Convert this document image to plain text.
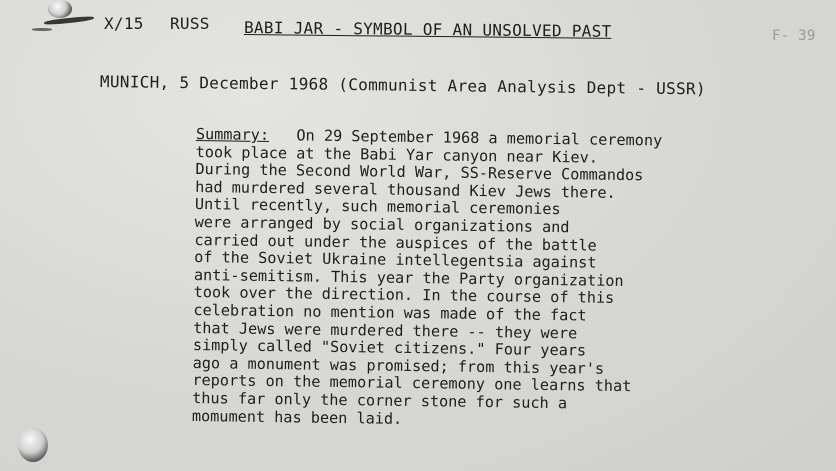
X/15 RUSS BABI JAR - SYMBOL OF AN UNSOLVED PAST	F- 39
MUNICH, 5 December 1968 (Communist Area Analysis Dept - USSR)
Summary: On 29 September 1968 a memorial ceremony
took place at the Babi Yar canyon near Kiev.
During the Second World War, SS-Reserve Commandos
had murdered several thousand Kiev Jews there.
Until recently, such memorial ceremonies
were arranged by social organizations and
carried out under the auspices of the battle
of the Soviet Ukraine intellegentsia against
anti-semitism. This year the Party organization
took over the direction. In the course of this
celebration no mention was made of the fact
that Jews were murdered there -- they were
simply called "Soviet citizens." Four years
ago a monument was promised; from this year's
reports on the memorial ceremony one learns that
thus far only the corner stone for such a
momument has been laid.
